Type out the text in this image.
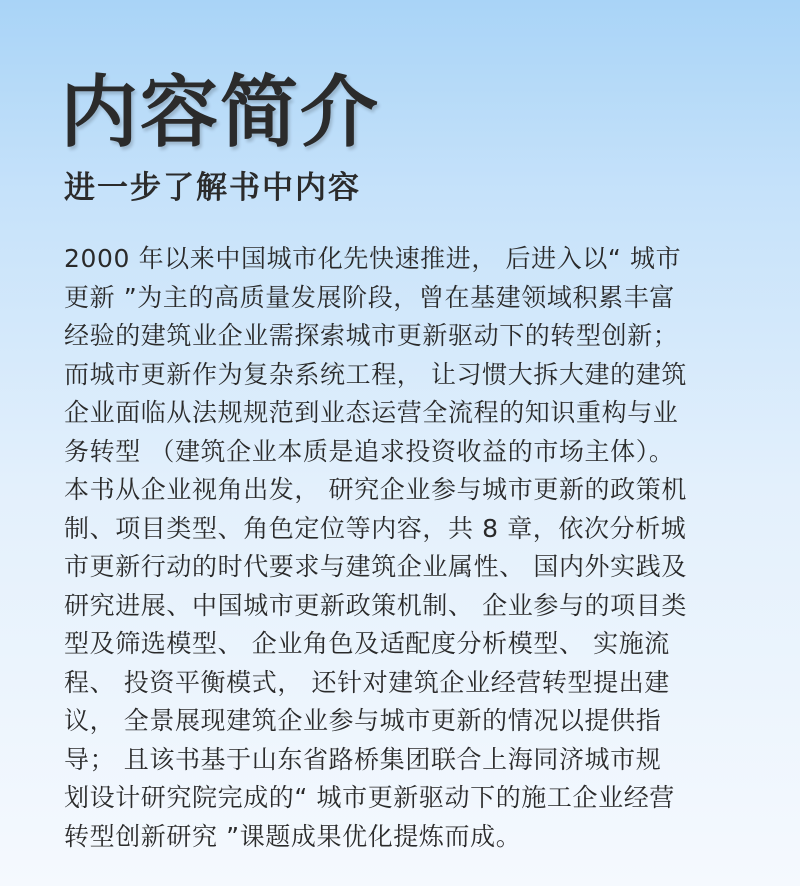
内容简介
进一步了解书中内容
2000 年以来中国城市化先快速推进， 后进入以“ 城市
更新 ”为主的高质量发展阶段，曾在基建领域积累丰富
经验的建筑业企业需探索城市更新驱动下的转型创新；
而城市更新作为复杂系统工程， 让习惯大拆大建的建筑
企业面临从法规规范到业态运营全流程的知识重构与业
务转型 （建筑企业本质是追求投资收益的市场主体）。
本书从企业视角出发， 研究企业参与城市更新的政策机
制、项目类型、角色定位等内容，共 8 章，依次分析城
市更新行动的时代要求与建筑企业属性、 国内外实践及
研究进展、中国城市更新政策机制、 企业参与的项目类
型及筛选模型、 企业角色及适配度分析模型、 实施流
程、 投资平衡模式， 还针对建筑企业经营转型提出建
议， 全景展现建筑企业参与城市更新的情况以提供指
导； 且该书基于山东省路桥集团联合上海同济城市规
划设计研究院完成的“ 城市更新驱动下的施工企业经营
转型创新研究 ”课题成果优化提炼而成。
